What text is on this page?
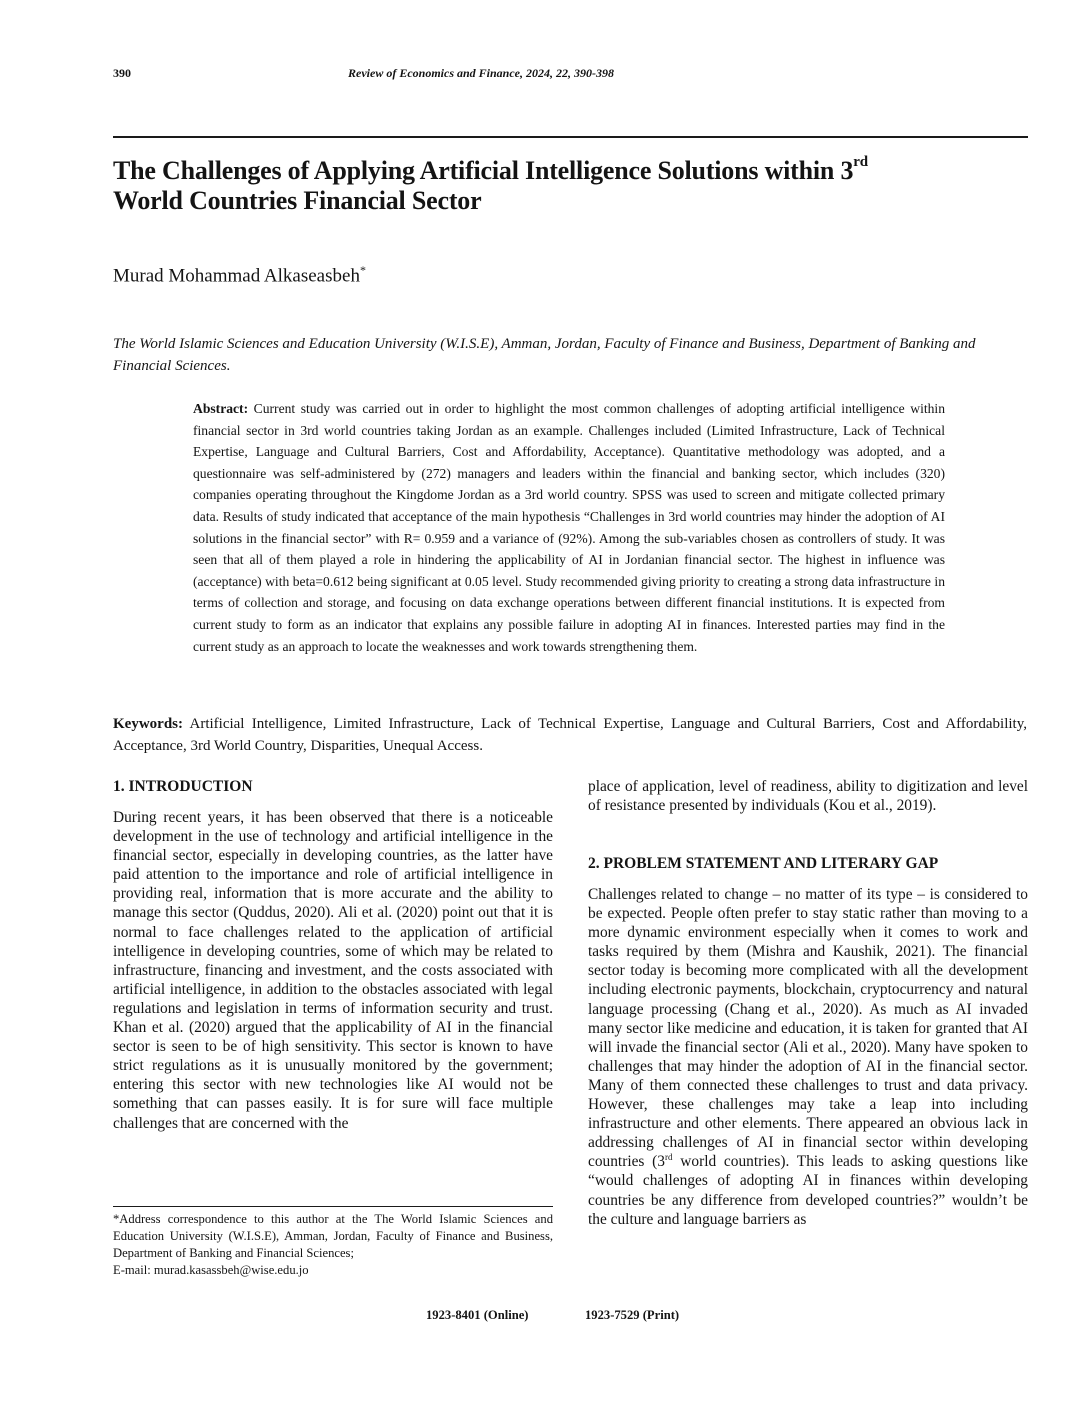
390	Review of Economics and Finance, 2024, 22, 390-398
The Challenges of Applying Artificial Intelligence Solutions within 3rd
World Countries Financial Sector
Murad Mohammad Alkaseasbeh*

The World Islamic Sciences and Education University (W.I.S.E), Amman, Jordan, Faculty of Finance and Business, Department of Banking and Financial Sciences.

Abstract: Current study was carried out in order to highlight the most common challenges of adopting artificial intelligence within financial sector in 3rd world countries taking Jordan as an example. Challenges included (Limited Infrastructure, Lack of Technical Expertise, Language and Cultural Barriers, Cost and Affordability, Acceptance). Quantitative methodology was adopted, and a questionnaire was self-administered by (272) managers and leaders within the financial and banking sector, which includes (320) companies operating throughout the Kingdome Jordan as a 3rd world country. SPSS was used to screen and mitigate collected primary data. Results of study indicated that acceptance of the main hypothesis “Challenges in 3rd world countries may hinder the adoption of AI solutions in the financial sector” with R= 0.959 and a variance of (92%). Among the sub-variables chosen as controllers of study. It was seen that all of them played a role in hindering the applicability of AI in Jordanian financial sector. The highest in influence was (acceptance) with beta=0.612 being significant at 0.05 level. Study recommended giving priority to creating a strong data infrastructure in terms of collection and storage, and focusing on data exchange operations between different financial institutions. It is expected from current study to form as an indicator that explains any possible failure in adopting AI in finances. Interested parties may find in the current study as an approach to locate the weaknesses and work towards strengthening them.

Keywords: Artificial Intelligence, Limited Infrastructure, Lack of Technical Expertise, Language and Cultural Barriers, Cost and Affordability, Acceptance, 3rd World Country, Disparities, Unequal Access.

1. INTRODUCTION

During recent years, it has been observed that there is a noticeable development in the use of technology and artificial intelligence in the financial sector, especially in developing countries, as the latter have paid attention to the importance and role of artificial intelligence in providing real, information that is more accurate and the ability to manage this sector (Quddus, 2020). Ali et al. (2020) point out that it is normal to face challenges related to the application of artificial intelligence in developing countries, some of which may be related to infrastructure, financing and investment, and the costs associated with artificial intelligence, in addition to the obstacles associated with legal regulations and legislation in terms of information security and trust. Khan et al. (2020) argued that the applicability of AI in the financial sector is seen to be of high sensitivity. This sector is known to have strict regulations as it is unusually monitored by the government; entering this sector with new technologies like AI would not be something that can passes easily. It is for sure will face multiple challenges that are concerned with the

*Address correspondence to this author at the The World Islamic Sciences and Education University (W.I.S.E), Amman, Jordan, Faculty of Finance and Business, Department of Banking and Financial Sciences;
E-mail: murad.kasassbeh@wise.edu.jo

place of application, level of readiness, ability to digitization and level of resistance presented by individuals (Kou et al., 2019).

2. PROBLEM STATEMENT AND LITERARY GAP

Challenges related to change – no matter of its type – is considered to be expected. People often prefer to stay static rather than moving to a more dynamic environment especially when it comes to work and tasks required by them (Mishra and Kaushik, 2021). The financial sector today is becoming more complicated with all the development including electronic payments, blockchain, cryptocurrency and natural language processing (Chang et al., 2020). As much as AI invaded many sector like medicine and education, it is taken for granted that AI will invade the financial sector (Ali et al., 2020). Many have spoken to challenges that may hinder the adoption of AI in the financial sector. Many of them connected these challenges to trust and data privacy. However, these challenges may take a leap into including infrastructure and other elements. There appeared an obvious lack in addressing challenges of AI in financial sector within developing countries (3rd world countries). This leads to asking questions like “would challenges of adopting AI in finances within developing countries be any difference from developed countries?” wouldn’t be the culture and language barriers as

1923-8401 (Online)	1923-7529 (Print)
